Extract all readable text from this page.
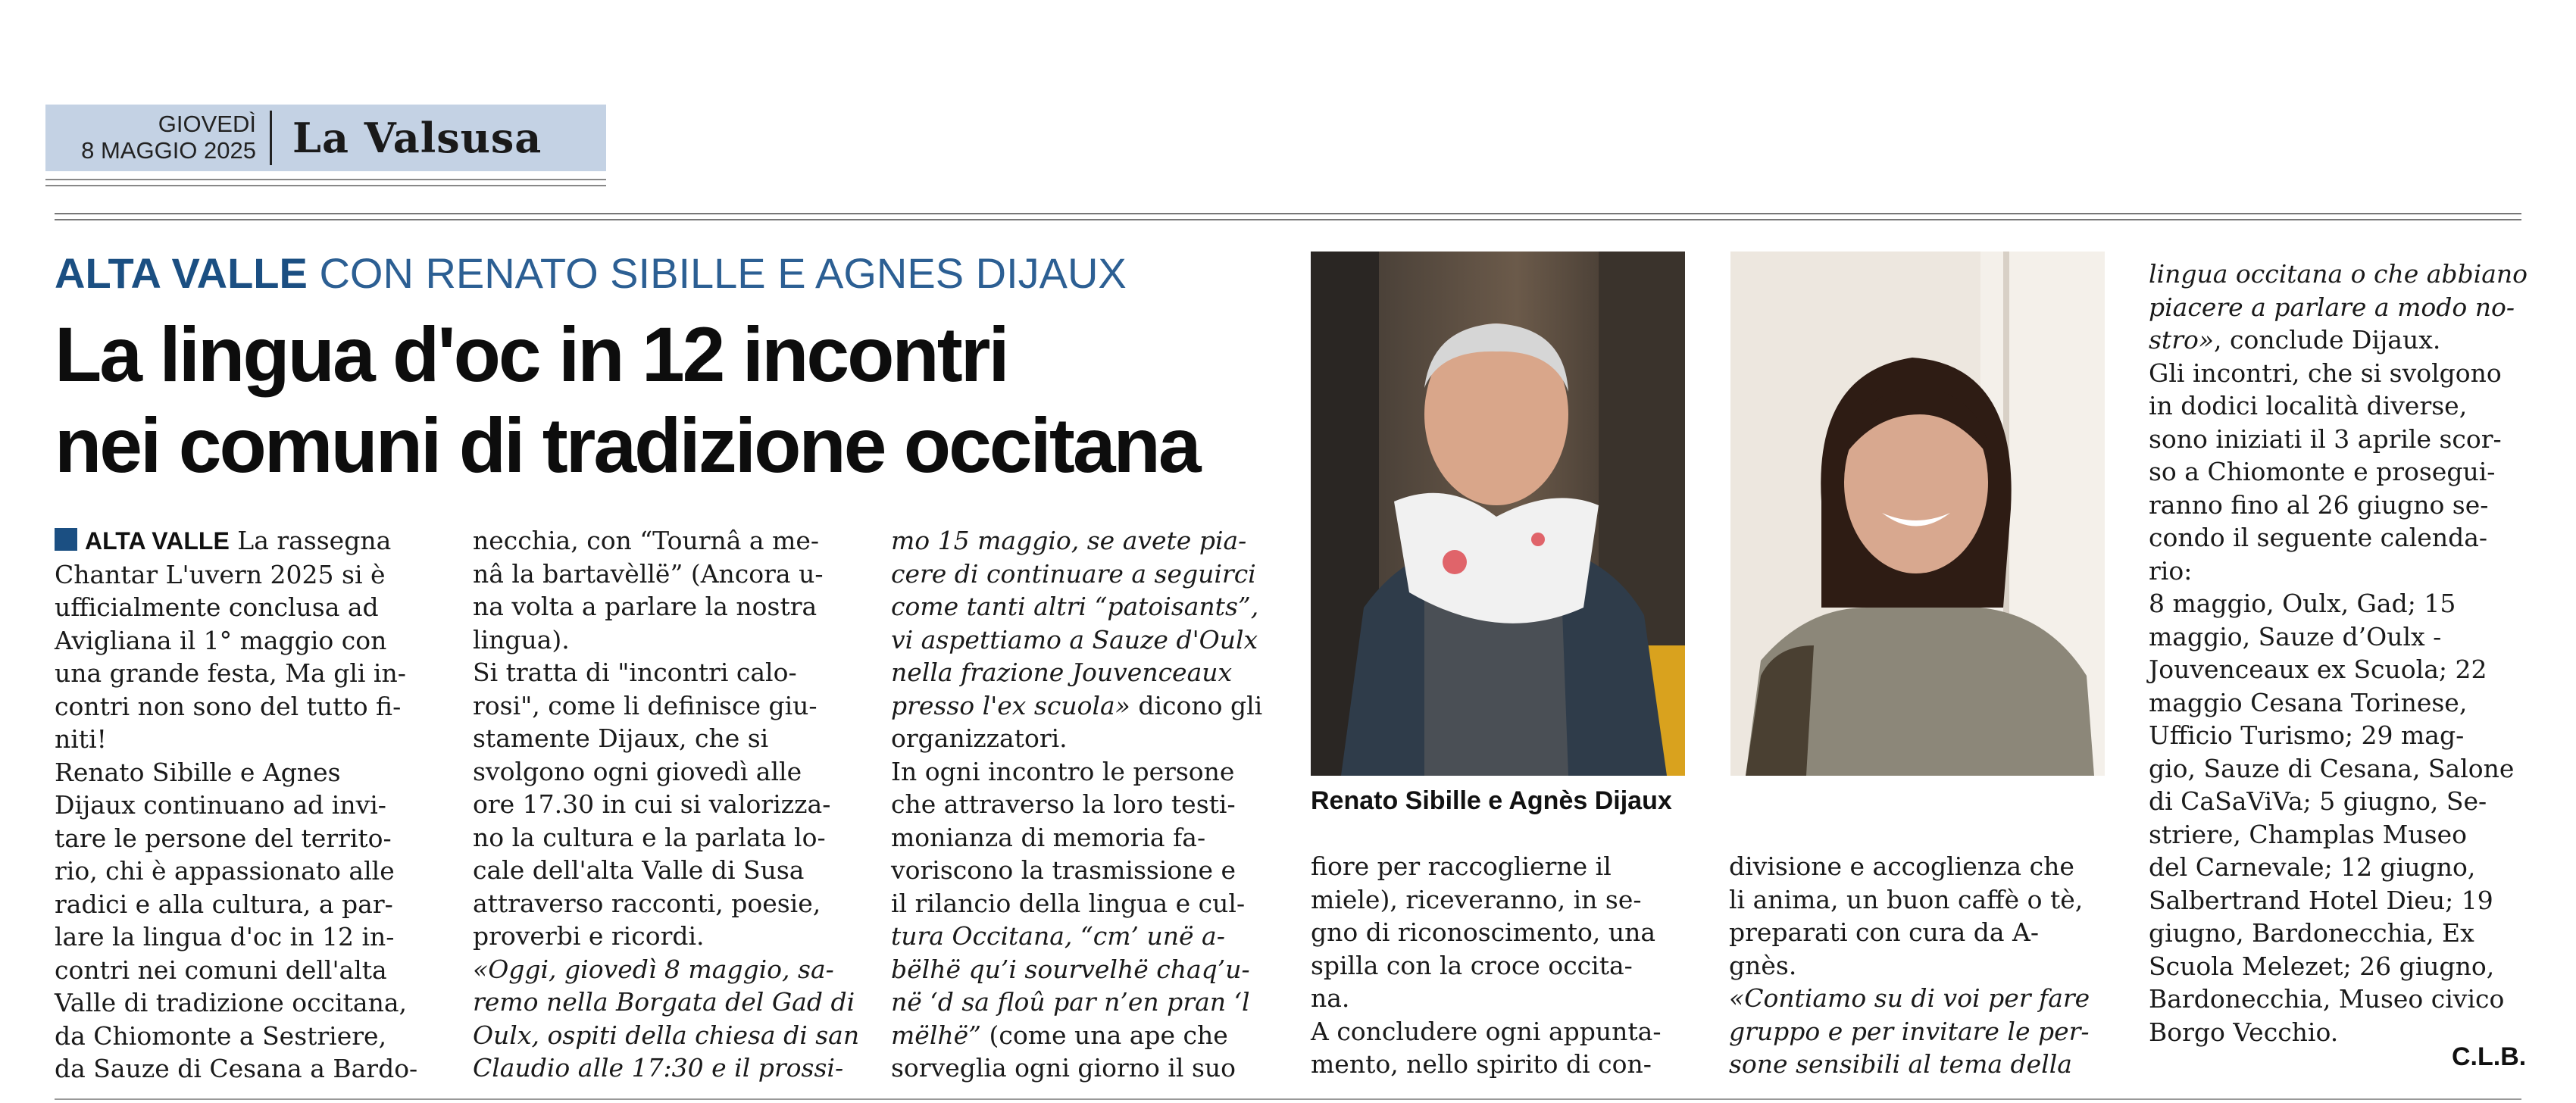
GIOVEDÌ
8 MAGGIO 2025 La Valsusa
ALTA VALLE CON RENATO SIBILLE E AGNES DIJAUX
La lingua d'oc in 12 incontri
nei comuni di tradizione occitana
ALTA VALLE La rassegna
Chantar L'uvern 2025 si è
ufficialmente conclusa ad
Avigliana il 1° maggio con
una grande festa, Ma gli in-
contri non sono del tutto fi-
niti!
Renato Sibille e Agnes
Dijaux continuano ad invi-
tare le persone del territo-
rio, chi è appassionato alle
radici e alla cultura, a par-
lare la lingua d'oc in 12 in-
contri nei comuni dell'alta
Valle di tradizione occitana,
da Chiomonte a Sestriere,
da Sauze di Cesana a Bardo-
necchia, con “Tournâ a me-
nâ la bartavèllë” (Ancora u-
na volta a parlare la nostra
lingua).
Si tratta di "incontri calo-
rosi", come li definisce giu-
stamente Dijaux, che si
svolgono ogni giovedì alle
ore 17.30 in cui si valorizza-
no la cultura e la parlata lo-
cale dell'alta Valle di Susa
attraverso racconti, poesie,
proverbi e ricordi.
«Oggi, giovedì 8 maggio, sa-
remo nella Borgata del Gad di
Oulx, ospiti della chiesa di san
Claudio alle 17:30 e il prossi-
mo 15 maggio, se avete pia-
cere di continuare a seguirci
come tanti altri “patoisants”,
vi aspettiamo a Sauze d'Oulx
nella frazione Jouvenceaux
presso l'ex scuola» dicono gli
organizzatori.
In ogni incontro le persone
che attraverso la loro testi-
monianza di memoria fa-
voriscono la trasmissione e
il rilancio della lingua e cul-
tura Occitana, “cm’ unë a-
bëlhë qu’i sourvelhë chaq’u-
në ‘d sa floû par n’en pran ‘l
mëlhë” (come una ape che
sorveglia ogni giorno il suo
fiore per raccoglierne il
miele), riceveranno, in se-
gno di riconoscimento, una
spilla con la croce occita-
na.
A concludere ogni appunta-
mento, nello spirito di con-
divisione e accoglienza che
li anima, un buon caffè o tè,
preparati con cura da A-
gnès.
«Contiamo su di voi per fare
gruppo e per invitare le per-
sone sensibili al tema della
lingua occitana o che abbiano
piacere a parlare a modo no-
stro», conclude Dijaux.
Gli incontri, che si svolgono
in dodici località diverse,
sono iniziati il 3 aprile scor-
so a Chiomonte e prosegui-
ranno fino al 26 giugno se-
condo il seguente calenda-
rio:
8 maggio, Oulx, Gad; 15
maggio, Sauze d’Oulx -
Jouvenceaux ex Scuola; 22
maggio Cesana Torinese,
Ufficio Turismo; 29 mag-
gio, Sauze di Cesana, Salone
di CaSaViVa; 5 giugno, Se-
striere, Champlas Museo
del Carnevale; 12 giugno,
Salbertrand Hotel Dieu; 19
giugno, Bardonecchia, Ex
Scuola Melezet; 26 giugno,
Bardonecchia, Museo civico
Borgo Vecchio.
Renato Sibille e Agnès Dijaux
C.L.B.
